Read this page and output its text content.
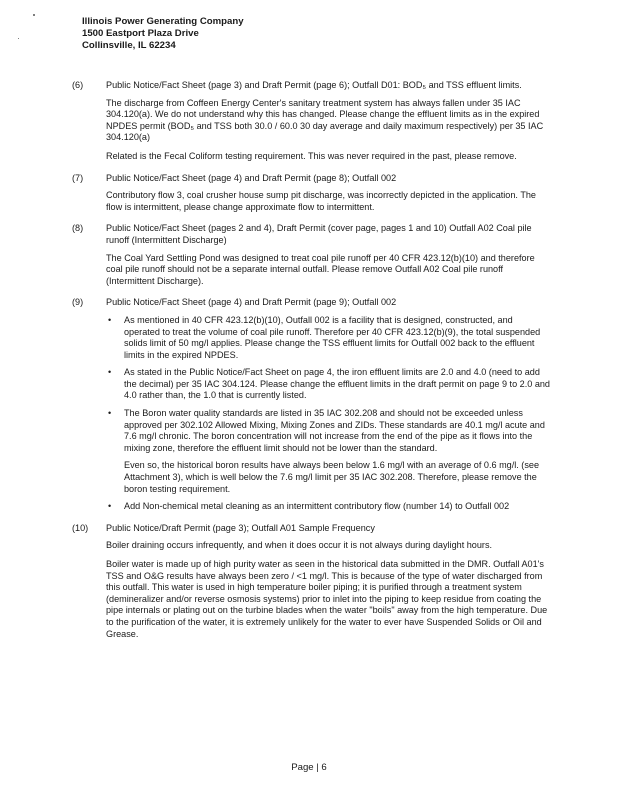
Illinois Power Generating Company
1500 Eastport Plaza Drive
Collinsville, IL 62234
(6)	Public Notice/Fact Sheet (page 3) and Draft Permit (page 6); Outfall D01: BOD₅ and TSS effluent limits.

The discharge from Coffeen Energy Center's sanitary treatment system has always fallen under 35 IAC 304.120(a). We do not understand why this has changed. Please change the effluent limits as in the expired NPDES permit (BOD₅ and TSS both 30.0 / 60.0 30 day average and daily maximum respectively) per 35 IAC 304.120(a)

Related is the Fecal Coliform testing requirement. This was never required in the past, please remove.

(7)	Public Notice/Fact Sheet (page 4) and Draft Permit (page 8); Outfall 002

Contributory flow 3, coal crusher house sump pit discharge, was incorrectly depicted in the application. The flow is intermittent, please change approximate flow to intermittent.

(8)	Public Notice/Fact Sheet (pages 2 and 4), Draft Permit (cover page, pages 1 and 10) Outfall A02 Coal pile runoff (Intermittent Discharge)

The Coal Yard Settling Pond was designed to treat coal pile runoff per 40 CFR 423.12(b)(10) and therefore coal pile runoff should not be a separate internal outfall. Please remove Outfall A02 Coal pile runoff (Intermittent Discharge).

(9)	Public Notice/Fact Sheet (page 4) and Draft Permit (page 9); Outfall 002

• As mentioned in 40 CFR 423.12(b)(10), Outfall 002 is a facility that is designed, constructed, and operated to treat the volume of coal pile runoff. Therefore per 40 CFR 423.12(b)(9), the total suspended solids limit of 50 mg/l applies. Please change the TSS effluent limits for Outfall 002 back to the effluent limits in the expired NPDES.
• As stated in the Public Notice/Fact Sheet on page 4, the iron effluent limits are 2.0 and 4.0 (need to add the decimal) per 35 IAC 304.124. Please change the effluent limits in the draft permit on page 9 to 2.0 and 4.0 rather than, the 1.0 that is currently listed.
• The Boron water quality standards are listed in 35 IAC 302.208 and should not be exceeded unless approved per 302.102 Allowed Mixing, Mixing Zones and ZIDs. These standards are 40.1 mg/l acute and 7.6 mg/l chronic. The boron concentration will not increase from the end of the pipe as it flows into the mixing zone, therefore the effluent limit should not be lower than the standard.

Even so, the historical boron results have always been below 1.6 mg/l with an average of 0.6 mg/l. (see Attachment 3), which is well below the 7.6 mg/l limit per 35 IAC 302.208. Therefore, please remove the boron testing requirement.

• Add Non-chemical metal cleaning as an intermittent contributory flow (number 14) to Outfall 002
(10) Public Notice/Draft Permit (page 3); Outfall A01 Sample Frequency

Boiler draining occurs infrequently, and when it does occur it is not always during daylight hours.

Boiler water is made up of high purity water as seen in the historical data submitted in the DMR. Outfall A01's TSS and O&G results have always been zero / <1 mg/l. This is because of the type of water discharged from this outfall. This water is used in high temperature boiler piping; it is purified through a treatment system (demineralizer and/or reverse osmosis systems) prior to inlet into the piping to keep residue from coating the pipe internals or plating out on the turbine blades when the water "boils" away from the high temperature. Due to the purification of the water, it is extremely unlikely for the water to ever have Suspended Solids or Oil and Grease.

Page | 6
